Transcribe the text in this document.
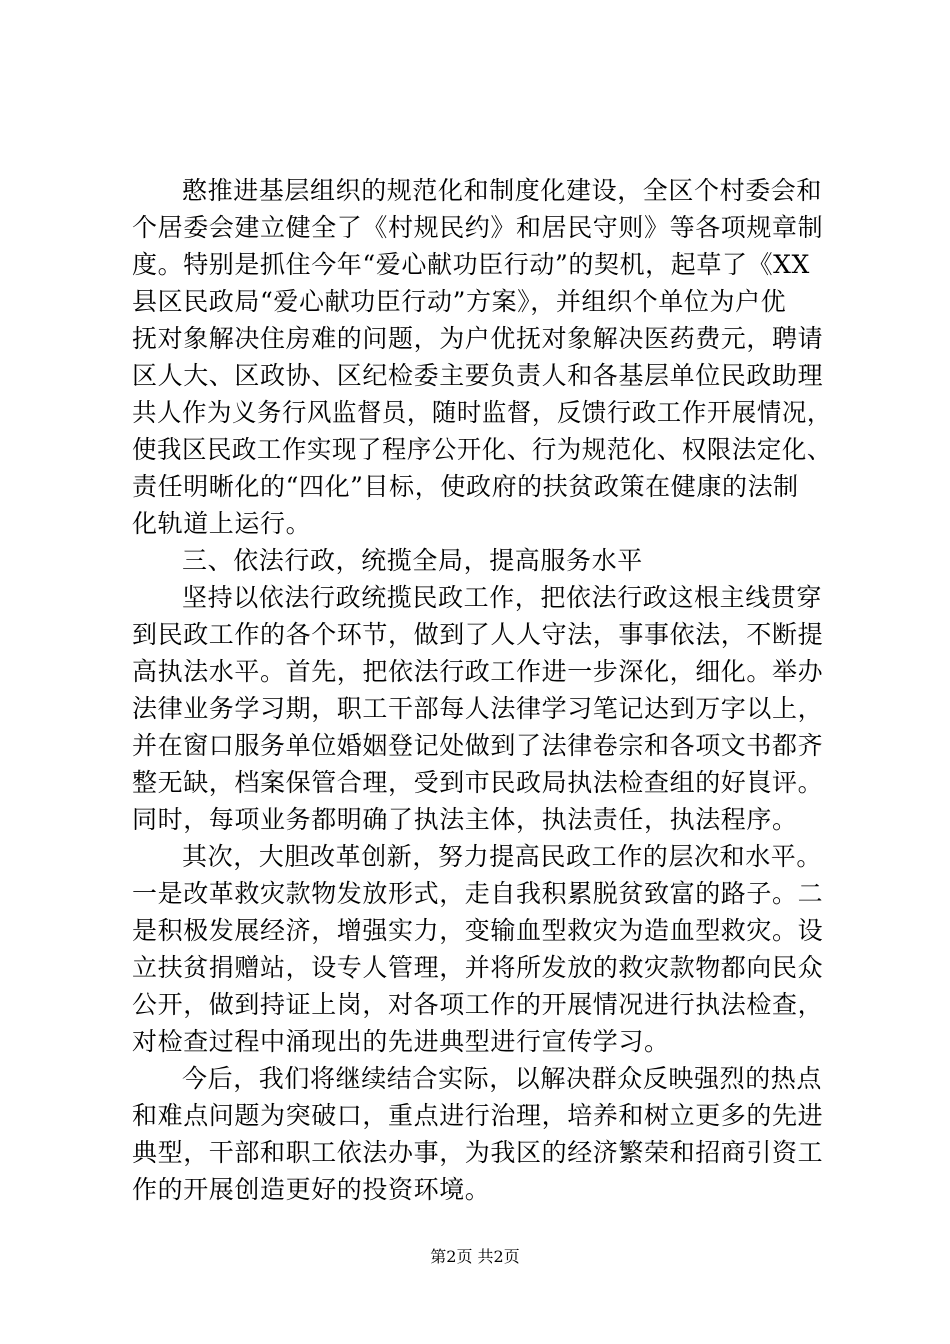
憨推进基层组织的规范化和制度化建设，全区个村委会和
个居委会建立健全了《村规民约》和居民守则》等各项规章制
度。特别是抓住今年“爱心献功臣行动”的契机，起草了《XX
县区民政局“爱心献功臣行动”方案》，并组织个单位为户优
抚对象解决住房难的问题，为户优抚对象解决医药费元，聘请
区人大、区政协、区纪检委主要负责人和各基层单位民政助理
共人作为义务行风监督员，随时监督，反馈行政工作开展情况，
使我区民政工作实现了程序公开化、行为规范化、权限法定化、
责任明晰化的“四化”目标，使政府的扶贫政策在健康的法制
化轨道上运行。
三、依法行政，统揽全局，提高服务水平
坚持以依法行政统揽民政工作，把依法行政这根主线贯穿
到民政工作的各个环节，做到了人人守法，事事依法，不断提
高执法水平。首先，把依法行政工作进一步深化，细化。举办
法律业务学习期，职工干部每人法律学习笔记达到万字以上，
并在窗口服务单位婚姻登记处做到了法律卷宗和各项文书都齐
整无缺，档案保管合理，受到市民政局执法检查组的好峎评。
同时，每项业务都明确了执法主体，执法责任，执法程序。
其次，大胆改革创新，努力提高民政工作的层次和水平。
一是改革救灾款物发放形式，走自我积累脱贫致富的路子。二
是积极发展经济，增强实力，变输血型救灾为造血型救灾。设
立扶贫捐赠站，设专人管理，并将所发放的救灾款物都向民众
公开，做到持证上岗，对各项工作的开展情况进行执法检查，
对检查过程中涌现出的先进典型进行宣传学习。
今后，我们将继续结合实际，以解决群众反映强烈的热点
和难点问题为突破口，重点进行治理，培养和树立更多的先进
典型，干部和职工依法办事，为我区的经济繁荣和招商引资工
作的开展创造更好的投资环境。
第2页 共2页
